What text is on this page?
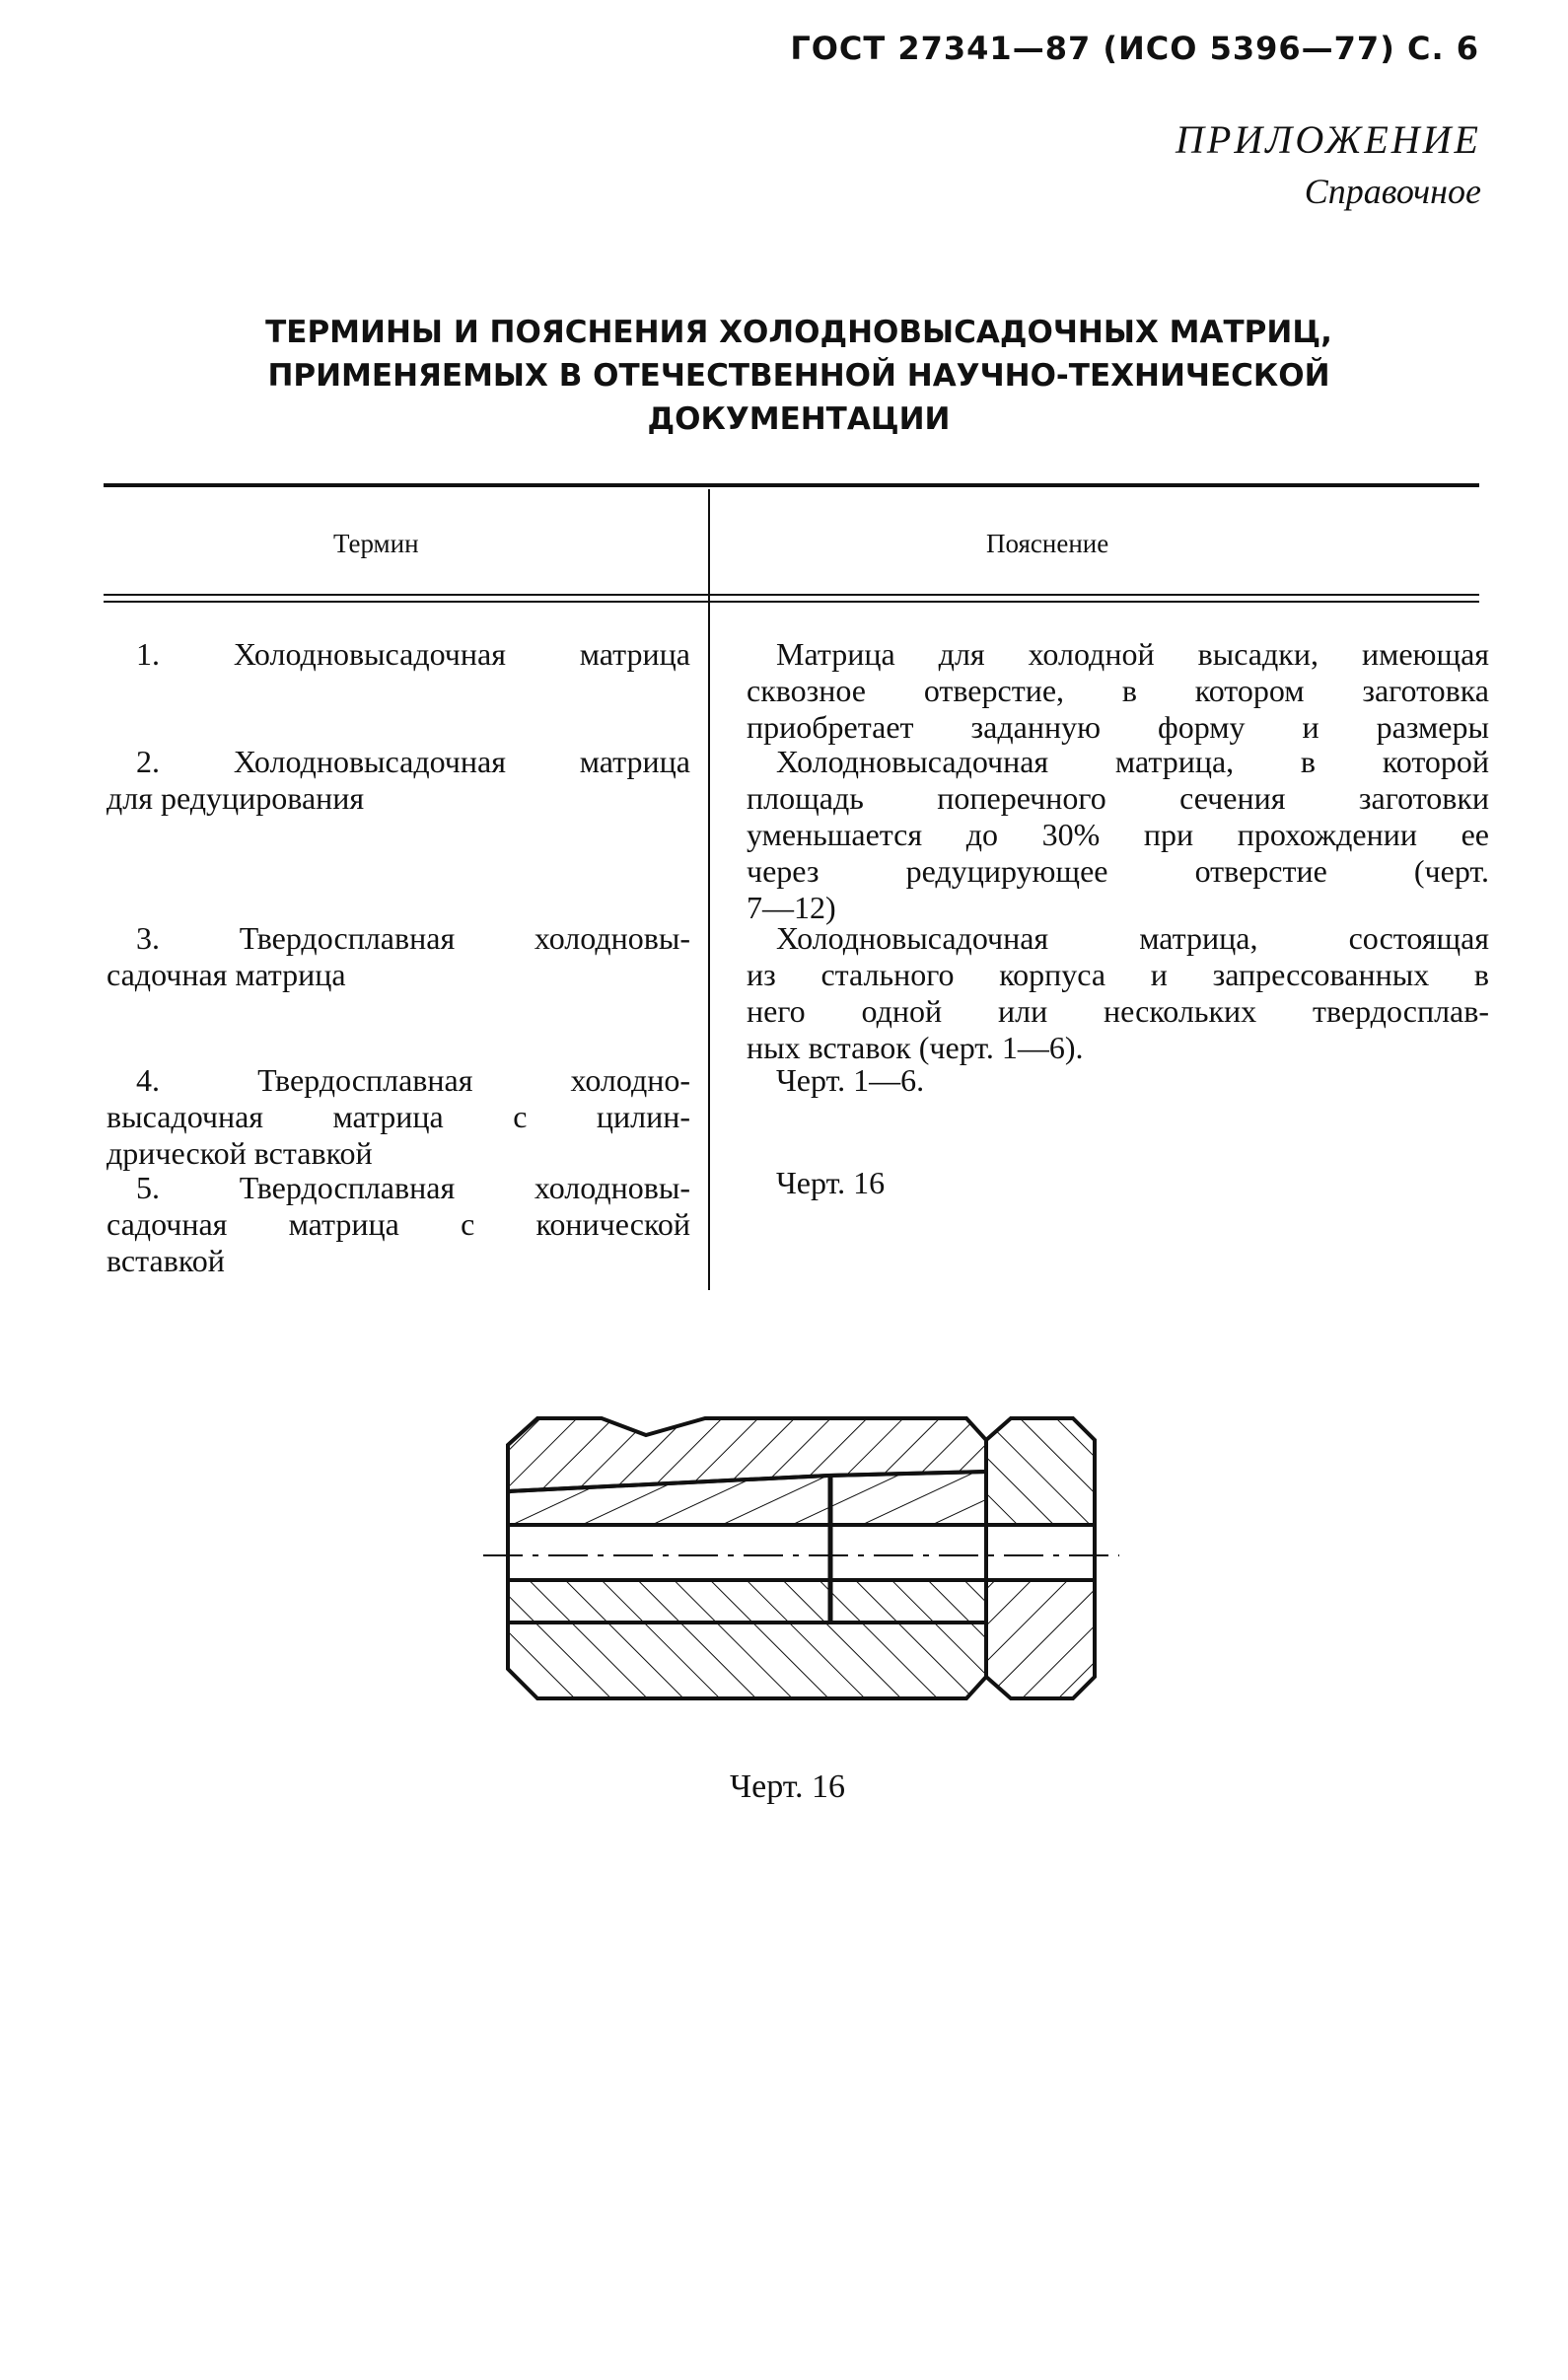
ГОСТ 27341—87 (ИСО 5396—77) С. 6
ПРИЛОЖЕНИЕ
Справочное
ТЕРМИНЫ И ПОЯСНЕНИЯ ХОЛОДНОВЫСАДОЧНЫХ МАТРИЦ,
ПРИМЕНЯЕМЫХ В ОТЕЧЕСТВЕННОЙ НАУЧНО-ТЕХНИЧЕСКОЙ
ДОКУМЕНТАЦИИ
Термин	Пояснение
1. Холодновысадочная матрица	Матрица для холодной высадки, имеющая
сквозное отверстие, в котором заготовка
приобретает заданную форму и размеры
2. Холодновысадочная матрица
для редуцирования
Холодновысадочная матрица, в которой
площадь поперечного сечения заготовки
уменьшается до 30% при прохождении ее
через редуцирующее отверстие (черт.
7—12)
3. Твердосплавная холодновы-
садочная матрица
Холодновысадочная матрица, состоящая
из стального корпуса и запрессованных в
него одной или нескольких твердосплав-
ных вставок (черт. 1—6).
4. Твердосплавная холодно-
высадочная матрица с цилин-
дрической вставкой
Черт. 1—6.
5. Твердосплавная холодновы-
садочная матрица с конической
вставкой
Черт. 16
Черт. 16
